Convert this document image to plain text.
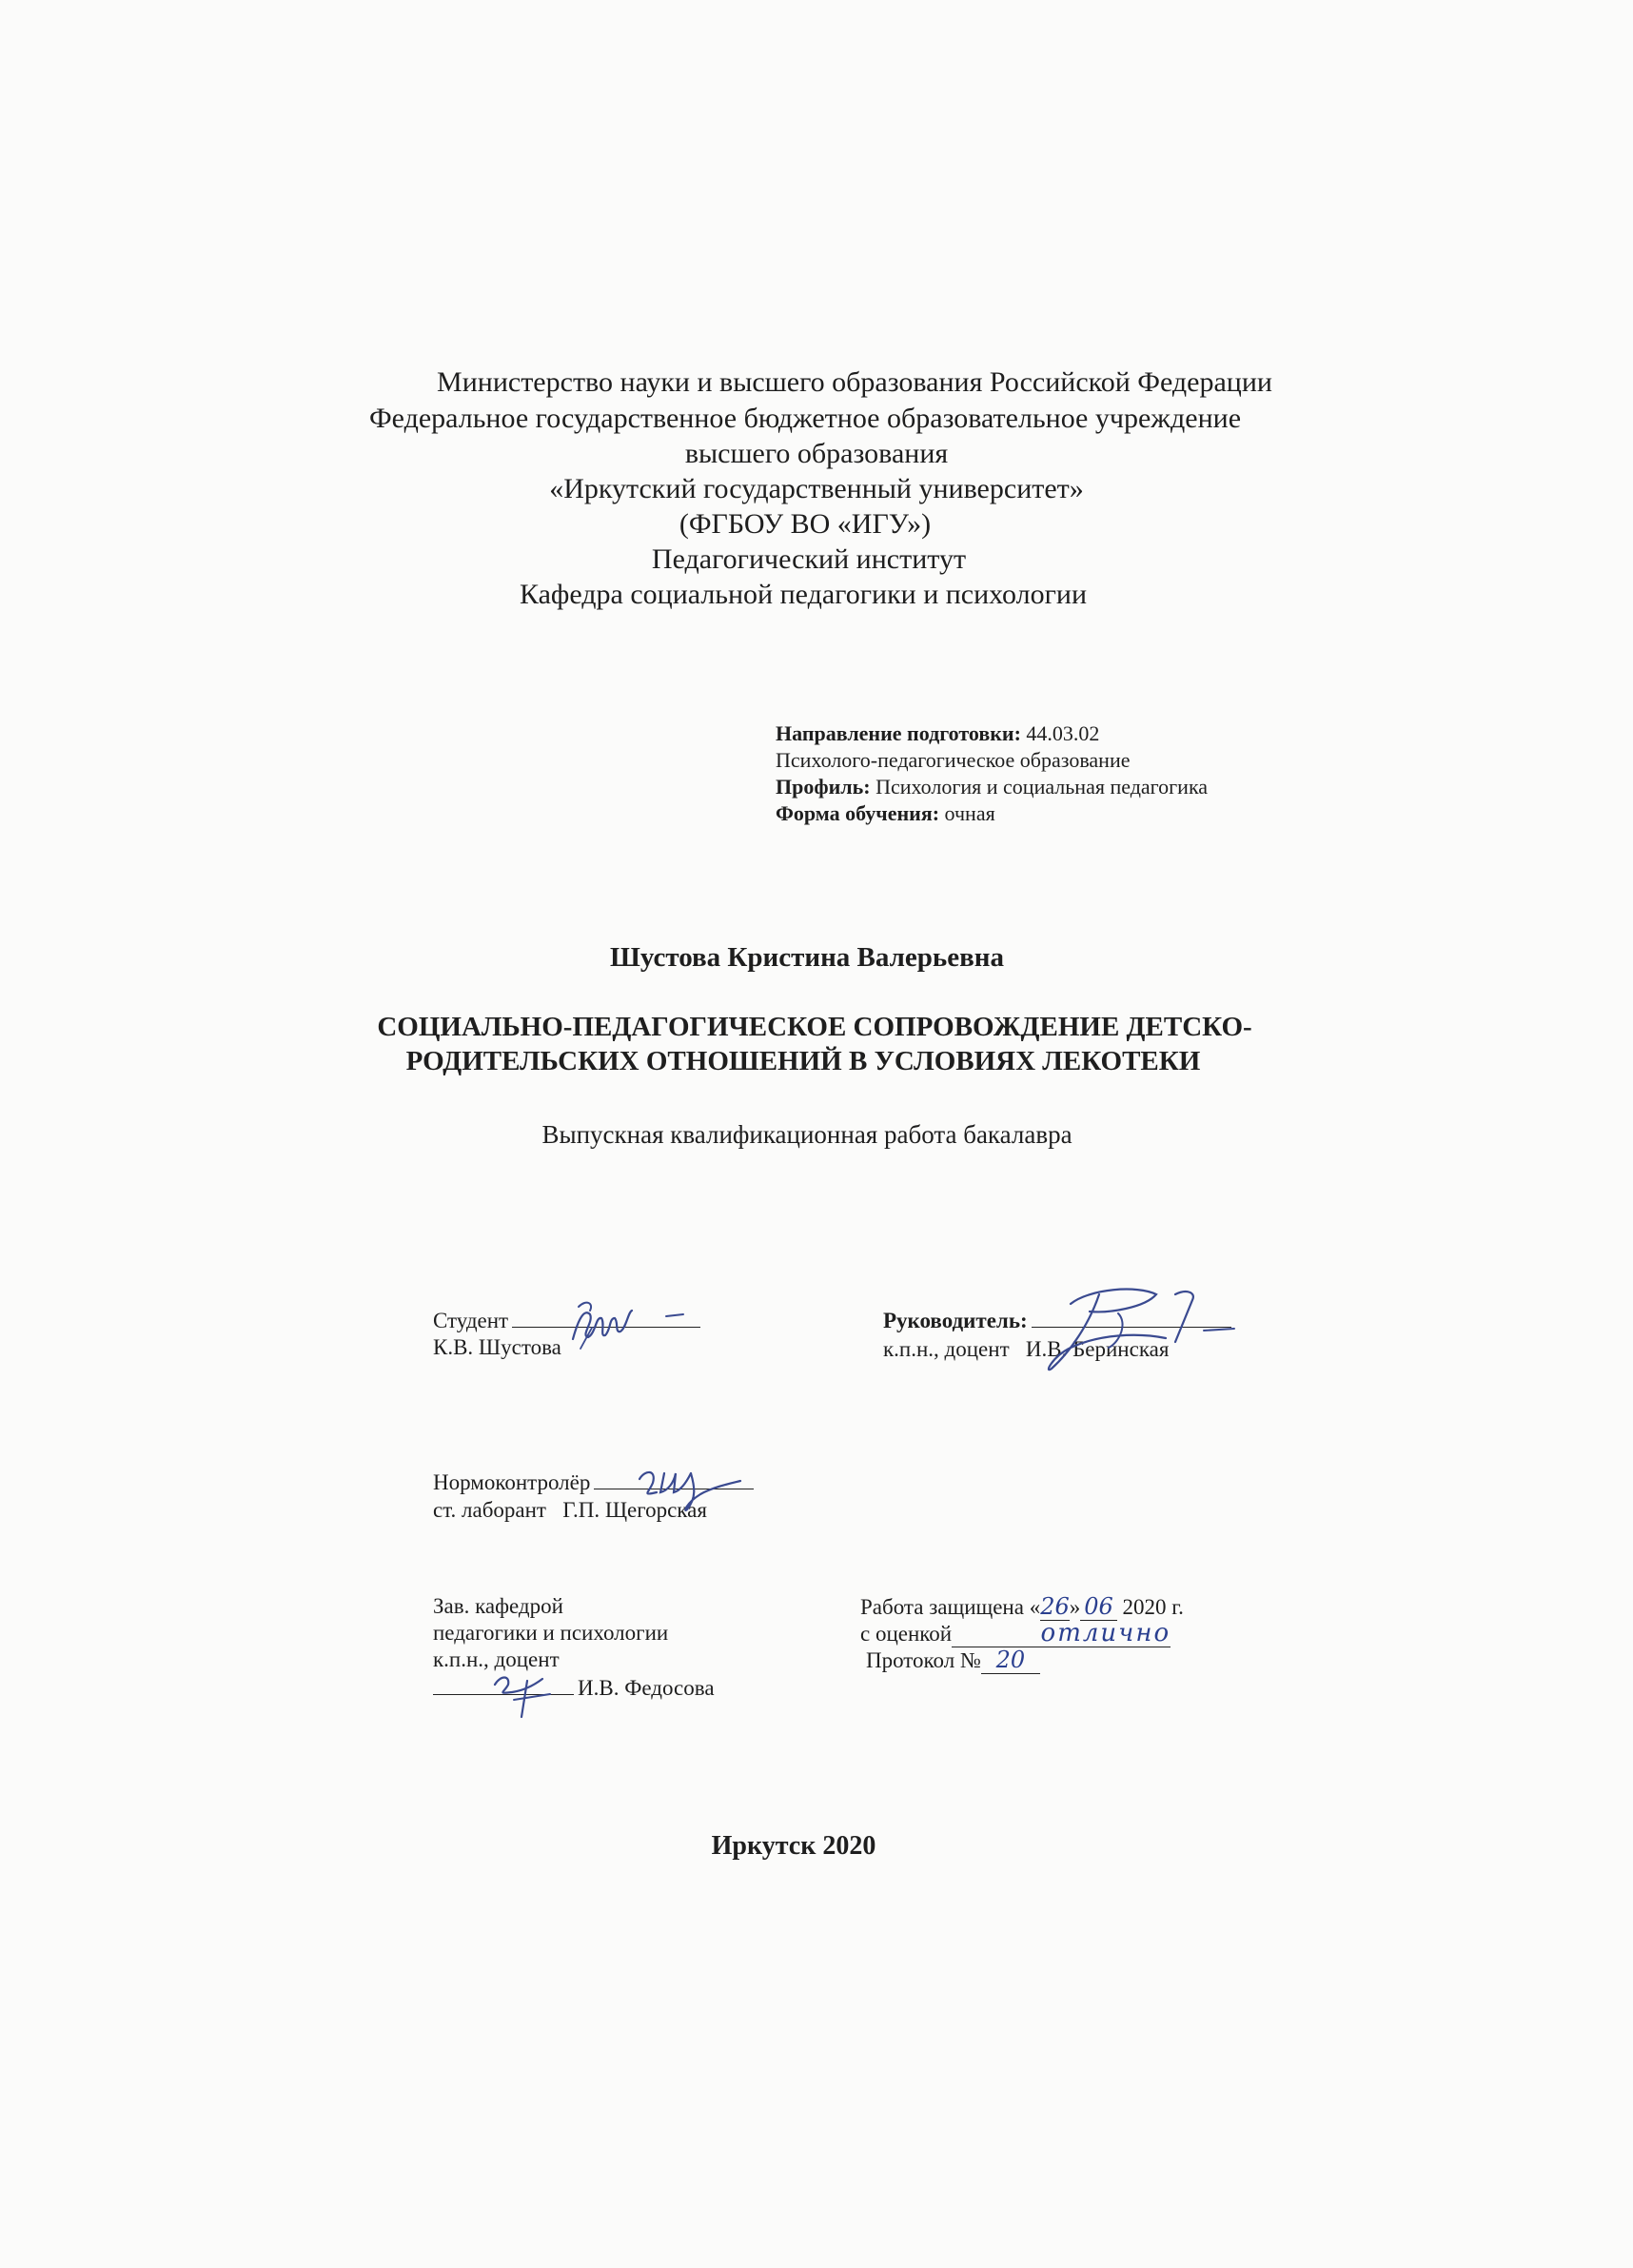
Министерство науки и высшего образования Российской Федерации
Федеральное государственное бюджетное образовательное учреждение
высшего образования
«Иркутский государственный университет»
(ФГБОУ ВО «ИГУ»)
Педагогический институт
Кафедра социальной педагогики и психологии
Направление подготовки: 44.03.02
Психолого-педагогическое образование
Профиль: Психология и социальная педагогика
Форма обучения: очная
Шустова Кристина Валерьевна
СОЦИАЛЬНО-ПЕДАГОГИЧЕСКОЕ СОПРОВОЖДЕНИЕ ДЕТСКО-
РОДИТЕЛЬСКИХ ОТНОШЕНИЙ В УСЛОВИЯХ ЛЕКОТЕКИ
Выпускная квалификационная работа бакалавра
Студент
К.В. Шустова
Руководитель:
к.п.н., доцент И.В. Беринская
Нормоконтролёр
ст. лаборант Г.П. Щегорская
Зав. кафедрой
педагогики и психологии
к.п.н., доцент
И.В. Федосова
Работа защищена «26» 06 2020 г.
с оценкой	отлично
Протокол № 20
Иркутск 2020
